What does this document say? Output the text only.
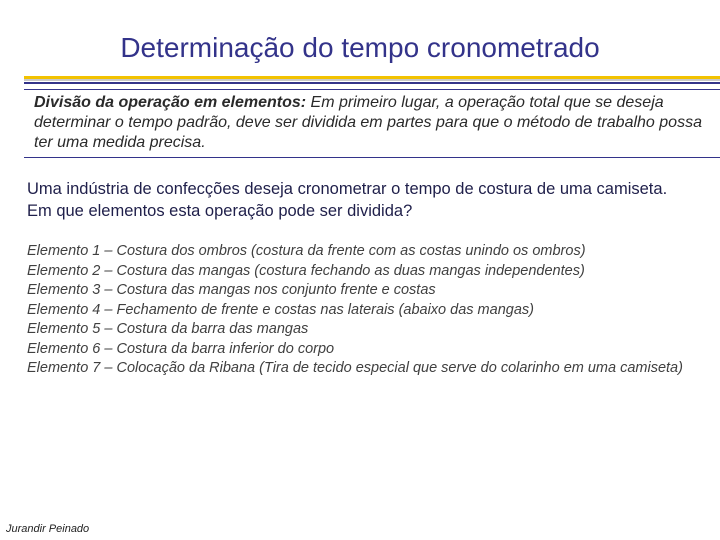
Determinação do tempo cronometrado
Divisão da operação em elementos: Em primeiro lugar, a operação total que se deseja determinar o tempo padrão, deve ser dividida em partes para que o método de trabalho possa ter uma medida precisa.
Uma indústria de confecções deseja cronometrar o tempo de costura de uma camiseta. Em que elementos esta operação pode ser dividida?
Elemento 1 – Costura dos ombros (costura da frente com as costas unindo os ombros)
Elemento 2 – Costura das mangas (costura fechando as duas mangas independentes)
Elemento 3 – Costura das mangas nos conjunto frente e costas
Elemento 4 – Fechamento de frente e costas nas laterais (abaixo das mangas)
Elemento 5 – Costura da barra das mangas
Elemento 6 – Costura da barra inferior do corpo
Elemento 7 – Colocação da Ribana (Tira de tecido especial que serve do colarinho em uma camiseta)
Jurandir Peinado
